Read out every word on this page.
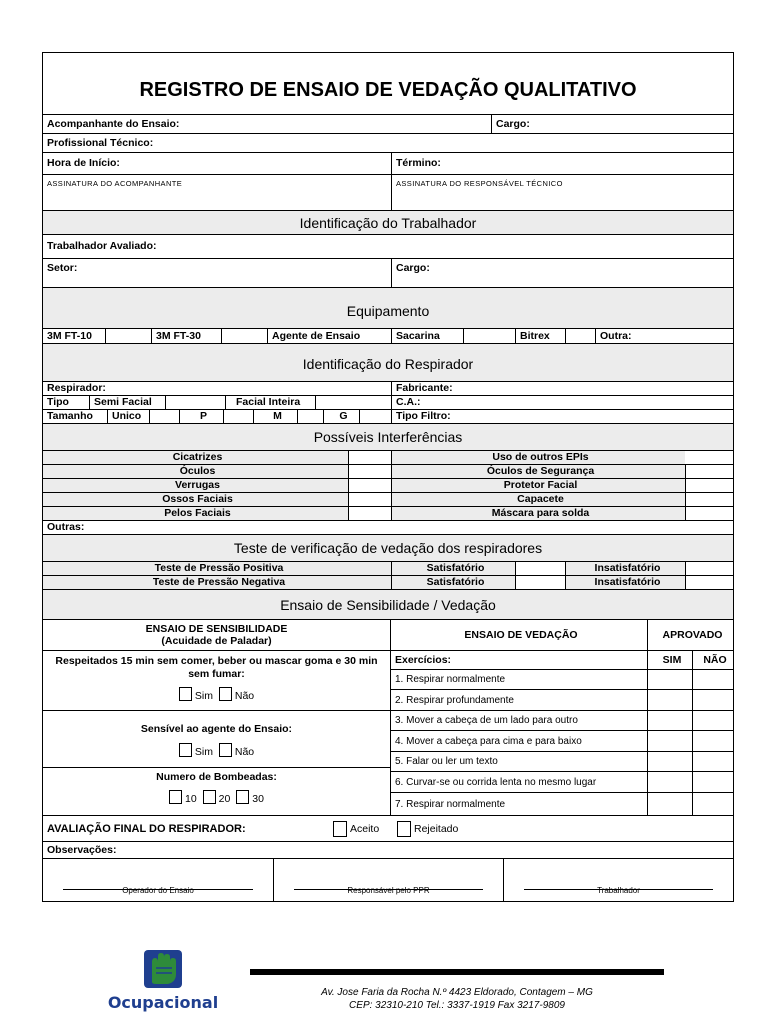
REGISTRO DE ENSAIO DE VEDAÇÃO QUALITATIVO
Acompanhante do Ensaio:	Cargo:
Profissional Técnico:
Hora de Início:	Término:
ASSINATURA DO ACOMPANHANTE	ASSINATURA DO RESPONSÁVEL TÉCNICO
Identificação do Trabalhador
Trabalhador Avaliado:
Setor:	Cargo:
Equipamento
3M FT-10	3M FT-30	Agente de Ensaio	Sacarina	Bitrex	Outra:
Identificação do Respirador
Respirador:	Fabricante:
Tipo	Semi Facial	Facial Inteira	C.A.:
Tamanho	Unico	P	M	G	Tipo Filtro:
Possíveis Interferências
Cicatrizes	Uso de outros EPIs
Óculos	Óculos de Segurança
Verrugas	Protetor Facial
Ossos Faciais	Capacete
Pelos Faciais	Máscara para solda
Outras:
Teste de verificação de vedação dos respiradores
Teste de Pressão Positiva	Satisfatório	Insatisfatório
Teste de Pressão Negativa	Satisfatório	Insatisfatório
Ensaio de Sensibilidade / Vedação
ENSAIO DE SENSIBILIDADE
(Acuidade de Paladar)
Respeitados 15 min sem comer, beber ou mascar goma e 30 min sem fumar:
Sim Não
Sensível ao agente do Ensaio:
Sim Não
Numero de Bombeadas:
10 20 30
ENSAIO DE VEDAÇÃO	APROVADO
Exercícios:	SIM	NÃO
1. Respirar normalmente
2. Respirar profundamente
3. Mover a cabeça de um lado para outro
4. Mover a cabeça para cima e para baixo
5. Falar ou ler um texto
6. Curvar-se ou corrida lenta no mesmo lugar
7. Respirar normalmente
AVALIAÇÃO FINAL DO RESPIRADOR:	Aceito	Rejeitado
Observações:
Operador do Ensaio	Responsável pelo PPR	Trabalhador
Ocupacional
Av. Jose Faria da Rocha N.º 4423 Eldorado, Contagem – MG
CEP: 32310-210 Tel.: 3337-1919 Fax 3217-9809
